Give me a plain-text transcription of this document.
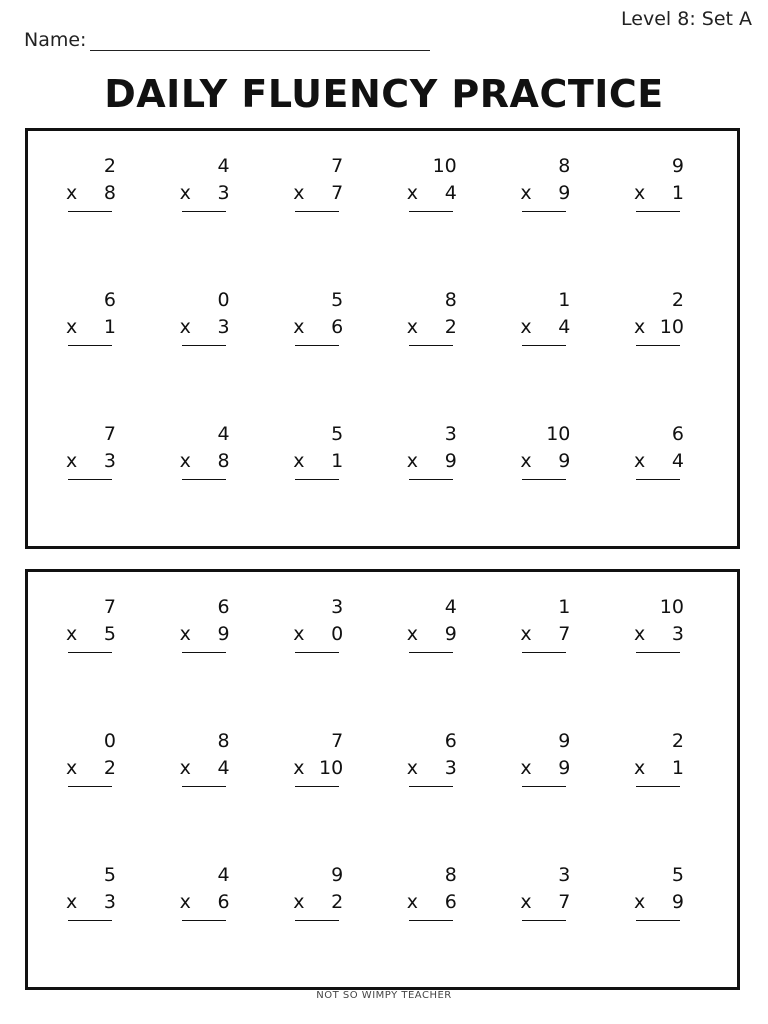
Level 8: Set A
Name:
DAILY FLUENCY PRACTICE
2
x 8
4
x 3
7
x 7
10
x 4
8
x 9
9
x 1
6
x 1
0
x 3
5
x 6
8
x 2
1
x 4
2
x 10
7
x 3
4
x 8
5
x 1
3
x 9
10
x 9
6
x 4
7
x 5
6
x 9
3
x 0
4
x 9
1
x 7
10
x 3
0
x 2
8
x 4
7
x 10
6
x 3
9
x 9
2
x 1
5
x 3
4
x 6
9
x 2
8
x 6
3
x 7
5
x 9
NOT SO WIMPY TEACHER
